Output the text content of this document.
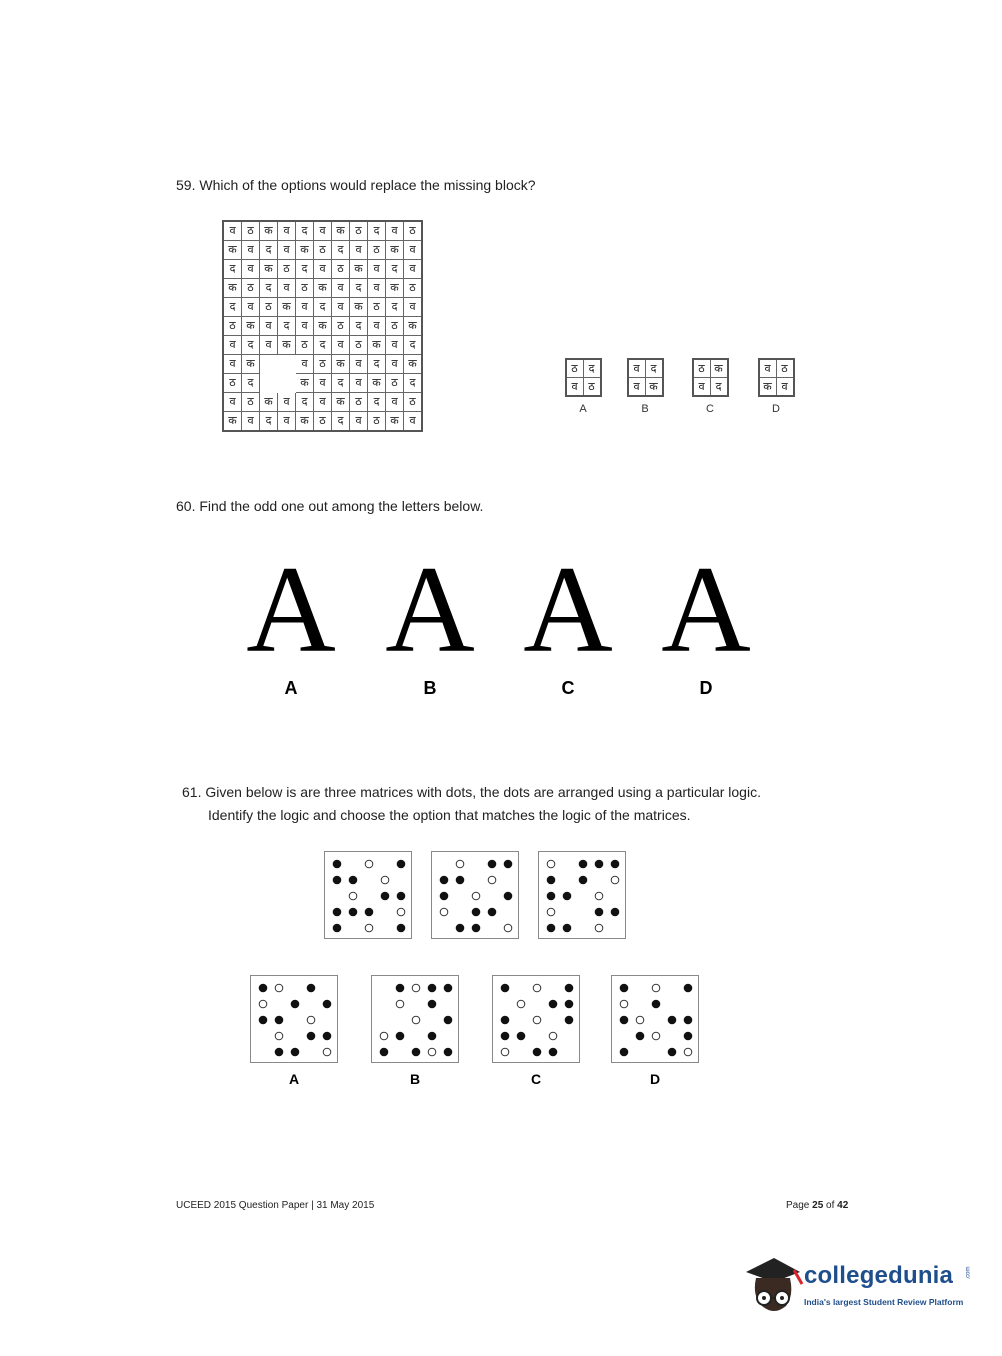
59. Which of the options would replace the missing block?
व	ठ	क	व	द	व	क	ठ	द	व	ठ
क	व	द	व	क	ठ	द	व	ठ	क	व
द	व	क	ठ	द	व	ठ	क	व	द	व
क	ठ	द	व	ठ	क	व	द	व	क	ठ
द	व	ठ	क	व	द	व	क	ठ	द	व
ठ	क	व	द	व	क	ठ	द	व	ठ	क
व	द	व	क	ठ	द	व	ठ	क	व	द
व	क			व	ठ	क	व	द	व	क
ठ	द			क	व	द	व	क	ठ	द
व	ठ	क	व	द	व	क	ठ	द	व	ठ
क	व	द	व	क	ठ	द	व	ठ	क	व
ठ	द
व	ठ
A
व	द
व	क
B
ठ	क
व	द
C
व	ठ
क	व
D
60. Find the odd one out among the letters below.
A
A
A
B
A
C
A
D
61. Given below is are three matrices with dots, the dots are arranged using a particular logic.
Identify the logic and choose the option that matches the logic of the matrices.
A	B	C	D
UCEED 2015 Question Paper | 31 May 2015	Page 25 of 42
collegedunia .com
India's largest Student Review Platform
